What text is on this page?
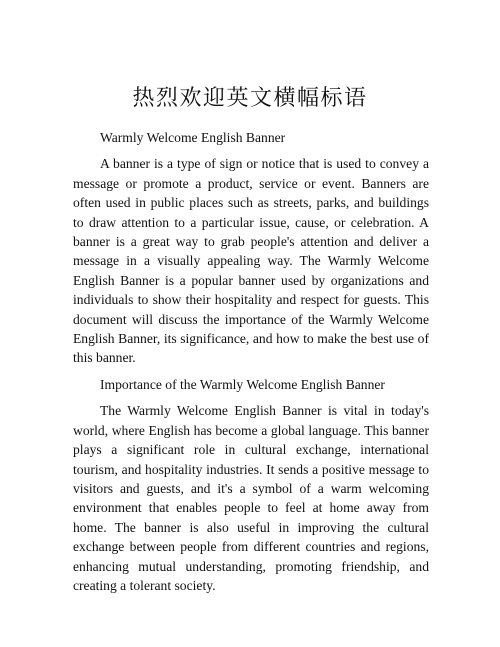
热烈欢迎英文横幅标语

Warmly Welcome English Banner

A banner is a type of sign or notice that is used to convey a message or promote a product, service or event. Banners are often used in public places such as streets, parks, and buildings to draw attention to a particular issue, cause, or celebration. A banner is a great way to grab people's attention and deliver a message in a visually appealing way. The Warmly Welcome English Banner is a popular banner used by organizations and individuals to show their hospitality and respect for guests. This document will discuss the importance of the Warmly Welcome English Banner, its significance, and how to make the best use of this banner.

Importance of the Warmly Welcome English Banner

The Warmly Welcome English Banner is vital in today's world, where English has become a global language. This banner plays a significant role in cultural exchange, international tourism, and hospitality industries. It sends a positive message to visitors and guests, and it's a symbol of a warm welcoming environment that enables people to feel at home away from home. The banner is also useful in improving the cultural exchange between people from different countries and regions, enhancing mutual understanding, promoting friendship, and creating a tolerant society.
